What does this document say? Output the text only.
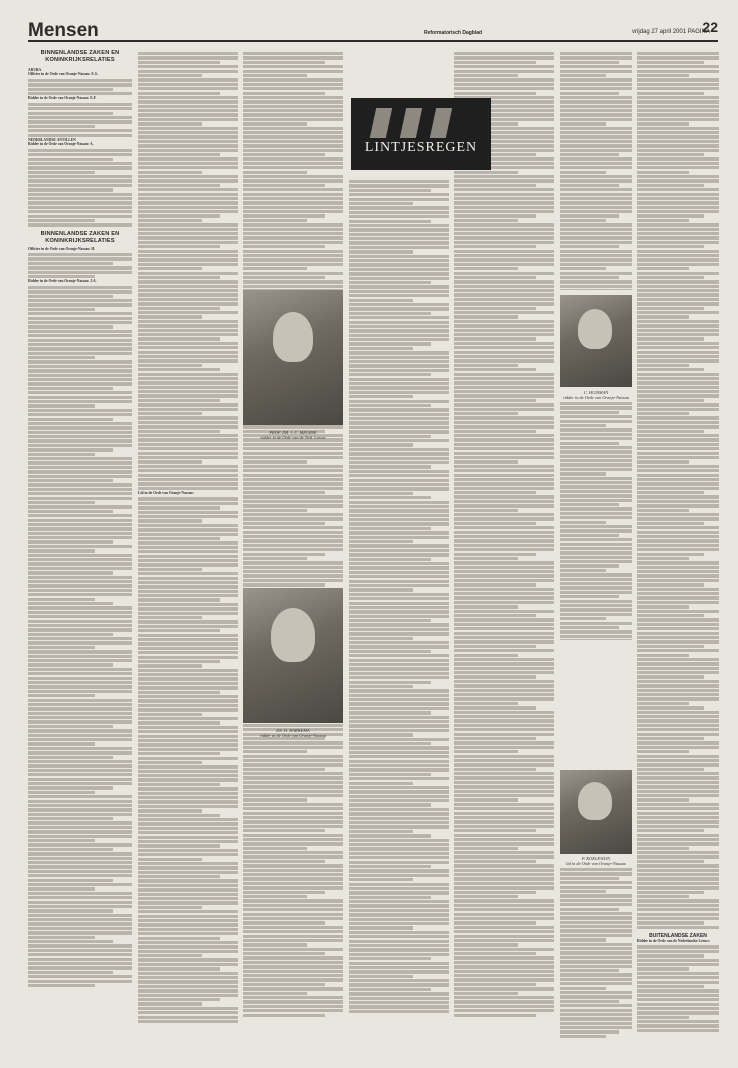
Mensen	Reformatorisch Dagblad	vrijdag 27 april 2001 PAGINA
22
BINNENLANDSE ZAKEN EN KONINKRIJKSRELATIES
ARUBA
Officier in de Orde van Oranje-Nassau: E.S.
Ridder in de Orde van Oranje-Nassau: E.F.
NEDERLANDSE ANTILLEN
Ridder in de Orde van Oranje-Nassau: A.
BINNENLANDSE ZAKEN EN KONINKRIJKSRELATIES
Officier in de Orde van Oranje-Nassau: H.
Ridder in de Orde van Oranje-Nassau: J.A.
Lid in de Orde van Oranje-Nassau:
BUITENLANDSE ZAKEN
Ridder in de Orde van de Nederlandse Leeuw:
LINTJESREGEN
PROF. DR. J. C. MEURSE
ridder in de Orde van de Ned. Leeuw
DS. H. HARKEMA
ridder in de Orde van Oranje-Nassau
C. HUISMAN
ridder in de Orde van Oranje-Nassau
P. KOELEWIJN
lid in de Orde van Oranje-Nassau
